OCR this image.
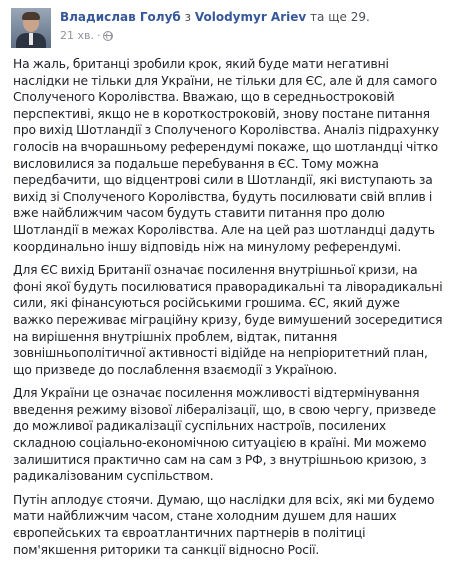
Владислав Голуб з Volodymyr Ariev та ще 29.
21 хв. ·

На жаль, британці зробили крок, який буде мати негативні наслідки не тільки для України, не тільки для ЄС, але й для самого Сполученого Королівства. Вважаю, що в середньостроковій перспективі, якщо не в короткостроковій, знову постане питання про вихід Шотландії з Сполученого Королівства. Аналіз підрахунку голосів на вчорашньому референдумі покаже, що шотландці чітко висловилися за подальше перебування в ЄС. Тому можна передбачити, що відцентрові сили в Шотландії, які виступають за вихід зі Сполученого Королівства, будуть посилювати свій вплив і вже найближчим часом будуть ставити питання про долю Шотландії в межах Королівства. Але на цей раз шотландці дадуть координально іншу відповідь ніж на минулому референдумі.

Для ЄС вихід Британії означає посилення внутрішньої кризи, на фоні якої будуть посилюватися праворадикальні та ліворадикальні сили, які фінансуються російськими грошима. ЄС, який дуже важко переживає міграційну кризу, буде вимушений зосередитися на вирішення внутрішніх проблем, відтак, питання зовнішньополітичної активності відійде на непріоритетний план, що призведе до послаблення взаємодії з Україною.

Для України це означає посилення можливості відтермінування введення режиму візової лібералізації, що, в свою чергу, призведе до можливої радикалізації суспільних настроїв, посилених складною соціально-економічною ситуацією в країні. Ми можемо залишитися практично сам на сам з РФ, з внутрішньою кризою, з радикалізованим суспільством.

Путін аплодує стоячи. Думаю, що наслідки для всіх, які ми будемо мати найближчим часом, стане холодним душем для наших європейських та євроатлантичних партнерів в політиці пом'якшення риторики та санкції відносно Росії.
